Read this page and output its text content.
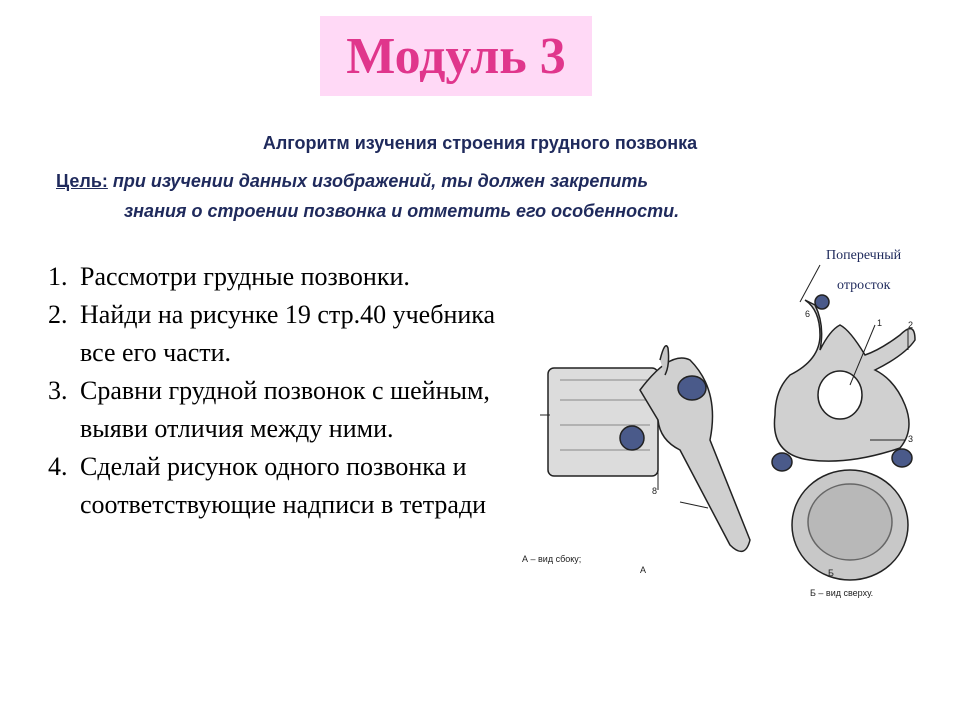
Модуль 3
Алгоритм изучения строения грудного позвонка
Цель: при изучении данных изображений, ты должен закрепить
знания о строении позвонка и отметить его особенности.
1. Рассмотри грудные позвонки.
2. Найди на рисунке 19 стр.40 учебника все его части.
3. Сравни грудной позвонок с шейным, выяви отличия между ними.
4. Сделай рисунок одного позвонка и соответствующие надписи в тетради
Поперечный
отросток
6
1	2
3
8
А – вид сбоку;
А	Б
Б – вид сверху.
